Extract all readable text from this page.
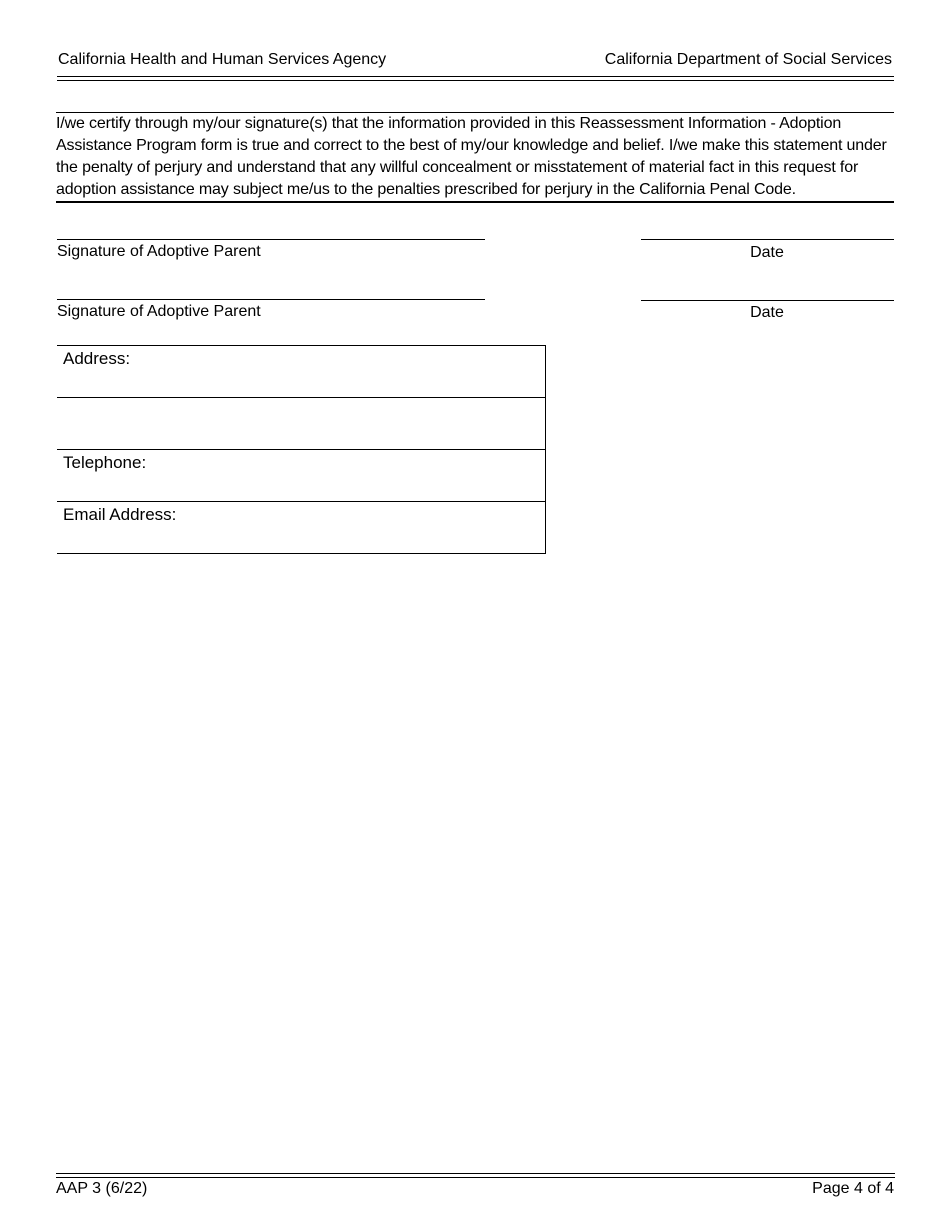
California Health and Human Services Agency	California Department of Social Services

I/we certify through my/our signature(s) that the information provided in this Reassessment Information - Adoption Assistance Program form is true and correct to the best of my/our knowledge and belief. I/we make this statement under the penalty of perjury and understand that any willful concealment or misstatement of material fact in this request for adoption assistance may subject me/us to the penalties prescribed for perjury in the California Penal Code.

Signature of Adoptive Parent	Date
Signature of Adoptive Parent	Date
Address:
Telephone:
Email Address:
AAP 3 (6/22)	Page 4 of 4
